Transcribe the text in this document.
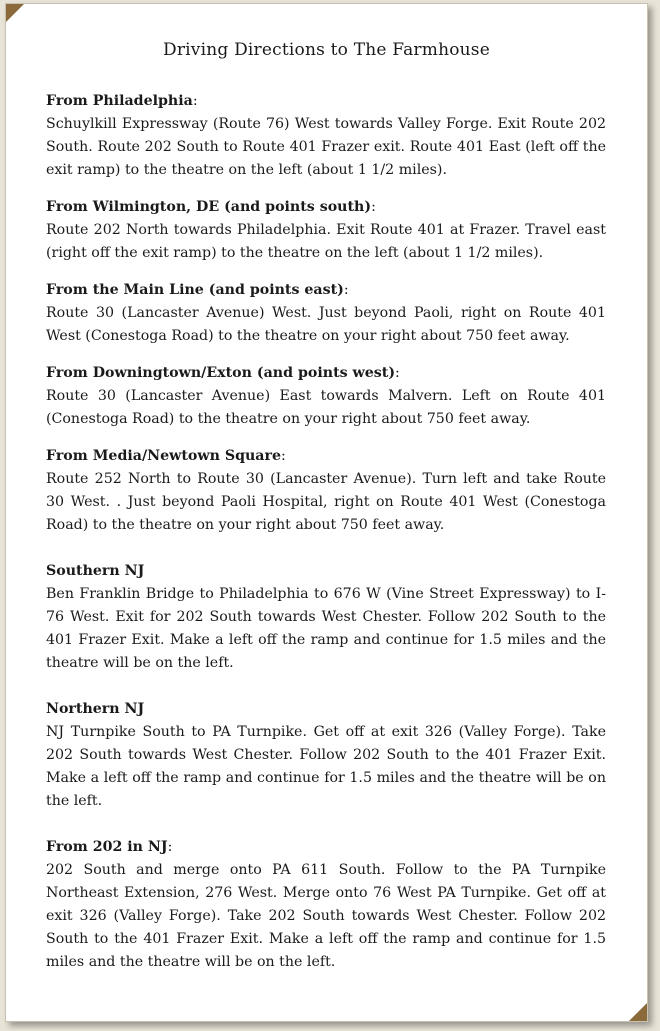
Driving Directions to The Farmhouse
From Philadelphia:
Schuylkill Expressway (Route 76) West towards Valley Forge. Exit Route 202 South. Route 202 South to Route 401 Frazer exit. Route 401 East (left off the exit ramp) to the theatre on the left (about 1 1/2 miles).
From Wilmington, DE (and points south):
Route 202 North towards Philadelphia. Exit Route 401 at Frazer. Travel east (right off the exit ramp) to the theatre on the left (about 1 1/2 miles).
From the Main Line (and points east):
Route 30 (Lancaster Avenue) West. Just beyond Paoli, right on Route 401 West (Conestoga Road) to the theatre on your right about 750 feet away.
From Downingtown/Exton (and points west):
Route 30 (Lancaster Avenue) East towards Malvern. Left on Route 401 (Conestoga Road) to the theatre on your right about 750 feet away.
From Media/Newtown Square:
Route 252 North to Route 30 (Lancaster Avenue). Turn left and take Route 30 West. . Just beyond Paoli Hospital, right on Route 401 West (Conestoga Road) to the theatre on your right about 750 feet away.
Southern NJ
Ben Franklin Bridge to Philadelphia to 676 W (Vine Street Expressway) to I-76 West. Exit for 202 South towards West Chester. Follow 202 South to the 401 Frazer Exit. Make a left off the ramp and continue for 1.5 miles and the theatre will be on the left.
Northern NJ
NJ Turnpike South to PA Turnpike. Get off at exit 326 (Valley Forge). Take 202 South towards West Chester. Follow 202 South to the 401 Frazer Exit. Make a left off the ramp and continue for 1.5 miles and the theatre will be on the left.
From 202 in NJ:
202 South and merge onto PA 611 South. Follow to the PA Turnpike Northeast Extension, 276 West. Merge onto 76 West PA Turnpike. Get off at exit 326 (Valley Forge). Take 202 South towards West Chester. Follow 202 South to the 401 Frazer Exit. Make a left off the ramp and continue for 1.5 miles and the theatre will be on the left.
